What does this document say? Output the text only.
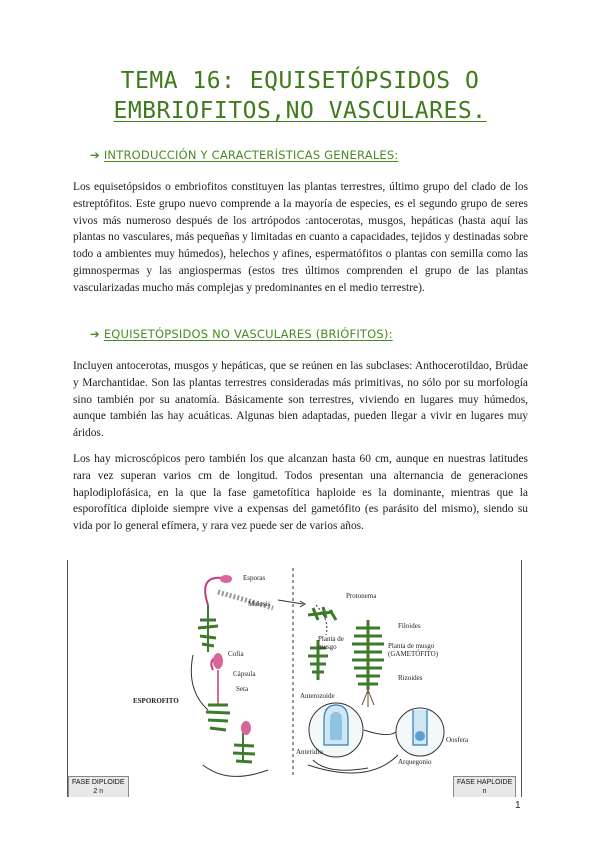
TEMA 16: EQUISETÓPSIDOS O
EMBRIOFITOS,NO VASCULARES.
➔ INTRODUCCIÓN Y CARACTERÍSTICAS GENERALES:

Los equisetópsidos o embriofitos constituyen las plantas terrestres, último grupo del clado de los estreptófitos. Este grupo nuevo comprende a la mayoría de especies, es el segundo grupo de seres vivos más numeroso después de los artrópodos :antocerotas, musgos, hepáticas (hasta aquí las plantas no vasculares, más pequeñas y limitadas en cuanto a capacidades, tejidos y destinadas sobre todo a ambientes muy húmedos), helechos y afines, espermatófitos o plantas con semilla como las gimnospermas y las angiospermas (estos tres últimos comprenden el grupo de las plantas vascularizadas mucho más complejas y predominantes en el medio terrestre).

➔ EQUISETÓPSIDOS NO VASCULARES (BRIÓFITOS):

Incluyen antocerotas, musgos y hepáticas, que se reúnen en las subclases: Anthocerotildao, Brüdae y Marchantidae. Son las plantas terrestres consideradas más primitivas, no sólo por su morfología sino también por su anatomía. Básicamente son terrestres, viviendo en lugares muy húmedos, aunque también las hay acuáticas. Algunas bien adaptadas, pueden llegar a vivir en lugares muy áridos.

Los hay microscópicos pero también los que alcanzan hasta 60 cm, aunque en nuestras latitudes rara vez superan varios cm de longitud. Todos presentan una alternancia de generaciones haplodiplofásica, en la que la fase gametofítica haploide es la dominante, mientras que la esporofítica diploide siempre vive a expensas del gametófito (es parásito del mismo), siendo su vida por lo general efímera, y rara vez puede ser de varios años.

Esporas
Meiosis
Protonema
Filoides
Planta de musgo	Planta de musgo (GAMETÓFITO)
Rizoides
Cofia
Cápsula
Seta
ESPOROFITO
Anterozoide
Anteridio
Oosfera
Arquegonio
FASE DIPLOIDE
2 n
FASE HAPLOIDE
n
1
